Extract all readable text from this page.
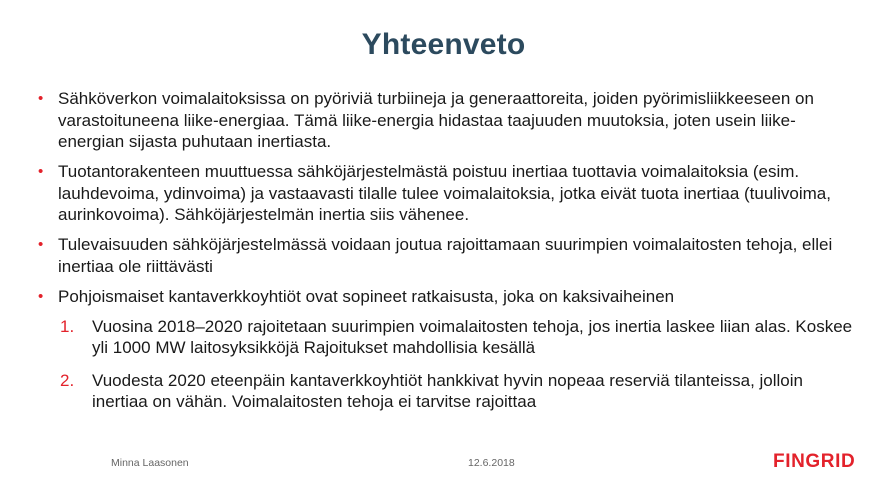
Yhteenveto
• Sähköverkon voimalaitoksissa on pyöriviä turbiineja ja generaattoreita, joiden pyörimisliikkeeseen on varastoituneena liike-energiaa. Tämä liike-energia hidastaa taajuuden muutoksia, joten usein liike-energian sijasta puhutaan inertiasta.
• Tuotantorakenteen muuttuessa sähköjärjestelmästä poistuu inertiaa tuottavia voimalaitoksia (esim. lauhdevoima, ydinvoima) ja vastaavasti tilalle tulee voimalaitoksia, jotka eivät tuota inertiaa (tuulivoima, aurinkovoima). Sähköjärjestelmän inertia siis vähenee.
• Tulevaisuuden sähköjärjestelmässä voidaan joutua rajoittamaan suurimpien voimalaitosten tehoja, ellei inertiaa ole riittävästi
• Pohjoismaiset kantaverkkoyhtiöt ovat sopineet ratkaisusta, joka on kaksivaiheinen
1. Vuosina 2018–2020 rajoitetaan suurimpien voimalaitosten tehoja, jos inertia laskee liian alas. Koskee yli 1000 MW laitosyksikköjä Rajoitukset mahdollisia kesällä
2. Vuodesta 2020 eteenpäin kantaverkkoyhtiöt hankkivat hyvin nopeaa reserviä tilanteissa, jolloin inertiaa on vähän. Voimalaitosten tehoja ei tarvitse rajoittaa
Minna Laasonen	12.6.2018	FINGRID
